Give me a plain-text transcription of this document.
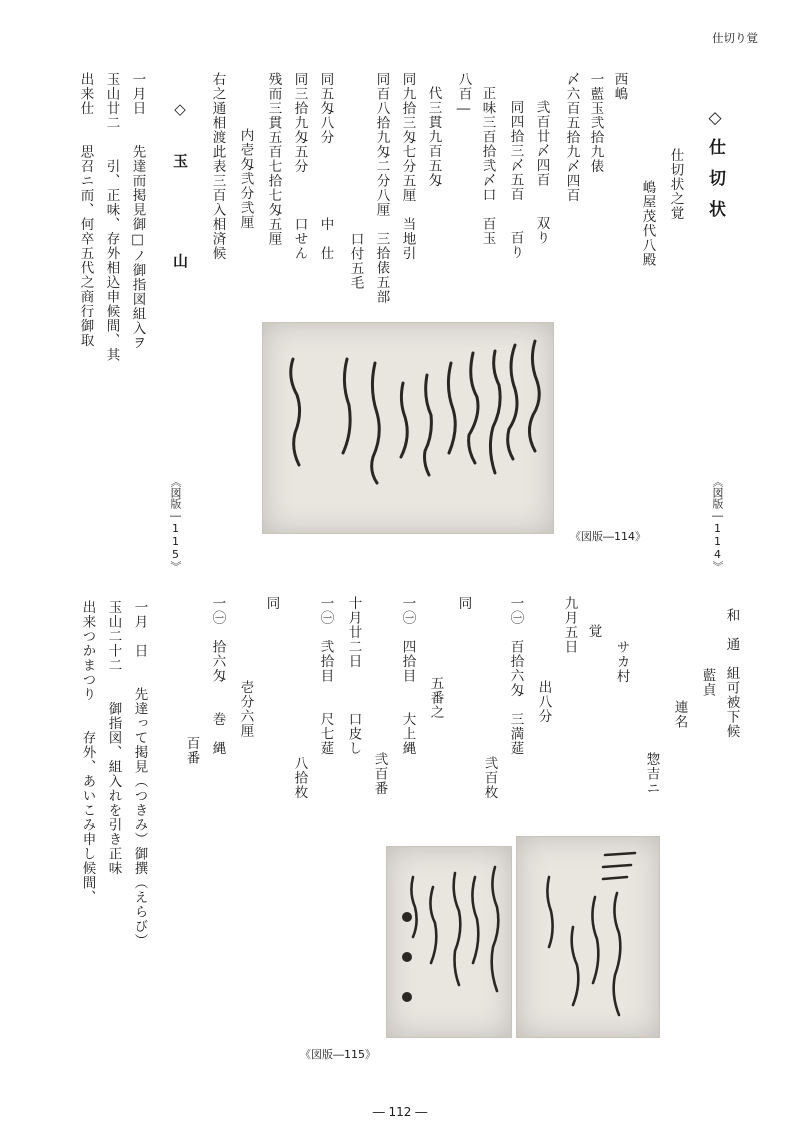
仕切り覚
◇
仕切状
仕切状之覚
嶋屋茂代八殿
西嶋
一藍玉弐拾九俵
〆六百五拾九〆四百
弐百廿〆四百　　双り
同四拾三〆五百　　百り
正味三百拾弐〆口　百玉
八百―
代三貫九百五匁
同九拾三匁七分五厘　当地引
同百八拾九匁二分八厘　三拾俵五部
口付五毛
同五匁八分　　　　　中　仕
同三拾九匁五分　　　口せん
残而三貫五百七拾七匁五厘
内壱匁弐分弐厘
右之通相渡此表三百入相済候
◇　玉　　　山
一月日　　先達而掲見御□ノ御指図組入ヲ
玉山廿二　　引、正味、存外相込申候間、其
出来仕　　思召ニ而、何卒五代之商行御取
《図版―114》
《図版―115》	《図版―114》
和　通　組可被下候
藍貞
連名
惣吉ニ
サカ村
覚
九月五日
出八分
一㊀　百拾六匁　三満莚
弐百枚
同
五番之
一㊀　四拾目　　大上縄
弐百番
十月廿二日　　　口皮し
一㊀　弐拾目　　尺七莚
八拾枚
同
壱分六厘
一㊀　拾六匁　　巻　縄
百番
一月　日　　先達って掲見（つきみ）御撰（えらび）
玉山二十二　　御指図、組入れを引き正味
出来つかまつり　　存外、あいこみ申し候間、
《図版―115》
― 112 ―
